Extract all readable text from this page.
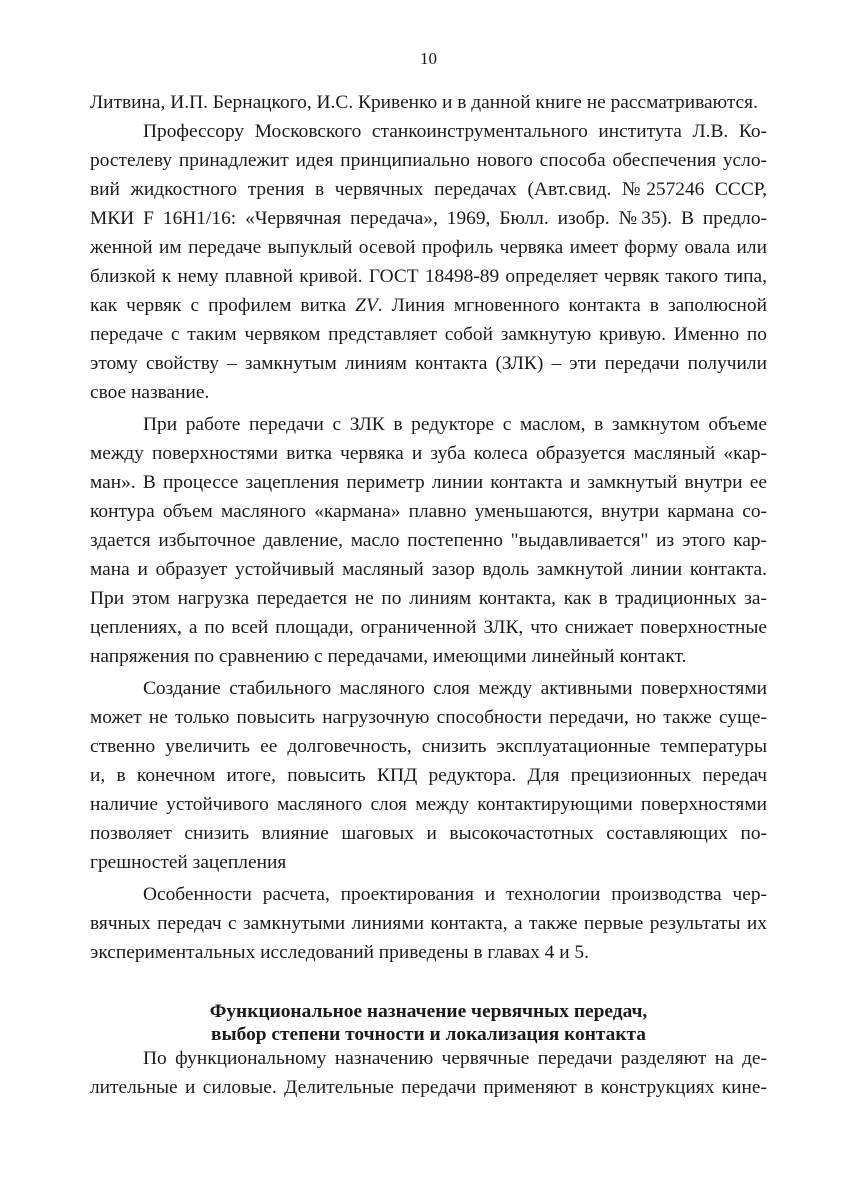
10
Литвина, И.П. Бернацкого, И.С. Кривенко и в данной книге не рассматриваются.
Профессору Московского станкоинструментального института Л.В. Ко-
ростелеву принадлежит идея принципиально нового способа обеспечения усло-
вий жидкостного трения в червячных передачах (Авт.свид. №257246 СССР,
МКИ F 16Н1/16: «Червячная передача», 1969, Бюлл. изобр. №35). В предло-
женной им передаче выпуклый осевой профиль червяка имеет форму овала или
близкой к нему плавной кривой. ГОСТ 18498-89 определяет червяк такого типа,
как червяк с профилем витка ZV. Линия мгновенного контакта в заполюсной
передаче с таким червяком представляет собой замкнутую кривую. Именно по
этому свойству – замкнутым линиям контакта (ЗЛК) – эти передачи получили
свое название.
При работе передачи с ЗЛК в редукторе с маслом, в замкнутом объеме
между поверхностями витка червяка и зуба колеса образуется масляный «кар-
ман». В процессе зацепления периметр линии контакта и замкнутый внутри ее
контура объем масляного «кармана» плавно уменьшаются, внутри кармана со-
здается избыточное давление, масло постепенно "выдавливается" из этого кар-
мана и образует устойчивый масляный зазор вдоль замкнутой линии контакта.
При этом нагрузка передается не по линиям контакта, как в традиционных за-
цеплениях, а по всей площади, ограниченной ЗЛК, что снижает поверхностные
напряжения по сравнению с передачами, имеющими линейный контакт.
Создание стабильного масляного слоя между активными поверхностями
может не только повысить нагрузочную способности передачи, но также суще-
ственно увеличить ее долговечность, снизить эксплуатационные температуры
и, в конечном итоге, повысить КПД редуктора. Для прецизионных передач
наличие устойчивого масляного слоя между контактирующими поверхностями
позволяет снизить влияние шаговых и высокочастотных составляющих по-
грешностей зацепления
Особенности расчета, проектирования и технологии производства чер-
вячных передач с замкнутыми линиями контакта, а также первые результаты их
экспериментальных исследований приведены в главах 4 и 5.
Функциональное назначение червячных передач,
выбор степени точности и локализация контакта
По функциональному назначению червячные передачи разделяют на де-
лительные и силовые. Делительные передачи применяют в конструкциях кине-
